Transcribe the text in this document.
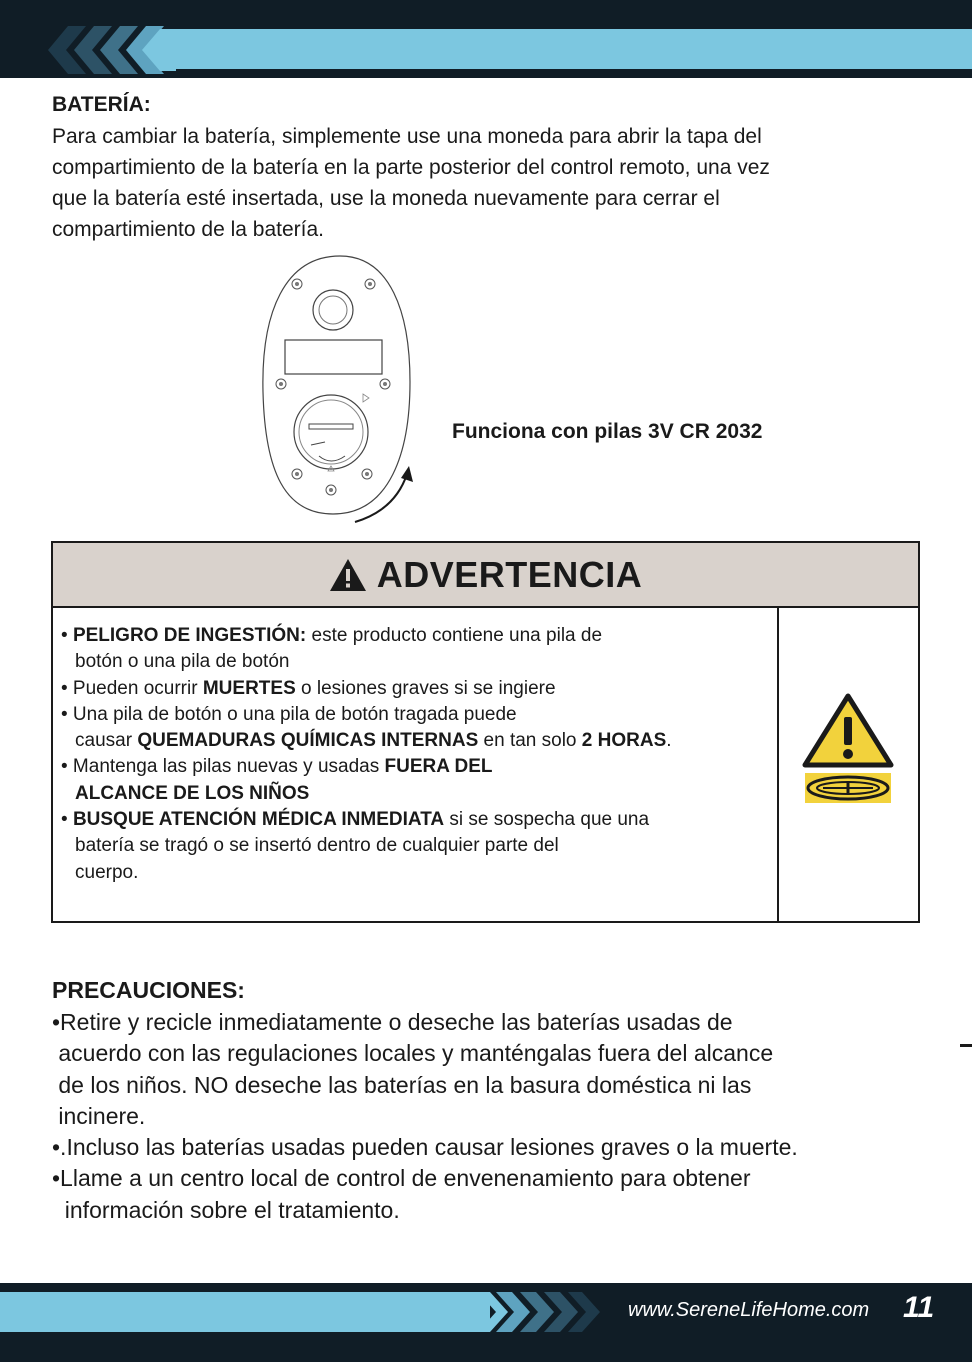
BATERÍA:
Para cambiar la batería, simplemente use una moneda para abrir la tapa del
compartimiento de la batería en la parte posterior del control remoto, una vez
que la batería esté insertada, use la moneda nuevamente para cerrar el
compartimiento de la batería.
Funciona con pilas 3V CR 2032
ADVERTENCIA
• PELIGRO DE INGESTIÓN: este producto contiene una pila de
botón o una pila de botón
• Pueden ocurrir MUERTES o lesiones graves si se ingiere
• Una pila de botón o una pila de botón tragada puede
causar QUEMADURAS QUÍMICAS INTERNAS en tan solo 2 HORAS.
• Mantenga las pilas nuevas y usadas FUERA DEL
ALCANCE DE LOS NIÑOS
• BUSQUE ATENCIÓN MÉDICA INMEDIATA si se sospecha que una
batería se tragó o se insertó dentro de cualquier parte del
cuerpo.
PRECAUCIONES:
•Retire y recicle inmediatamente o deseche las baterías usadas de
acuerdo con las regulaciones locales y manténgalas fuera del alcance
de los niños. NO deseche las baterías en la basura doméstica ni las
incinere.
•.Incluso las baterías usadas pueden causar lesiones graves o la muerte.
•Llame a un centro local de control de envenenamiento para obtener
información sobre el tratamiento.
www.SereneLifeHome.com 11
